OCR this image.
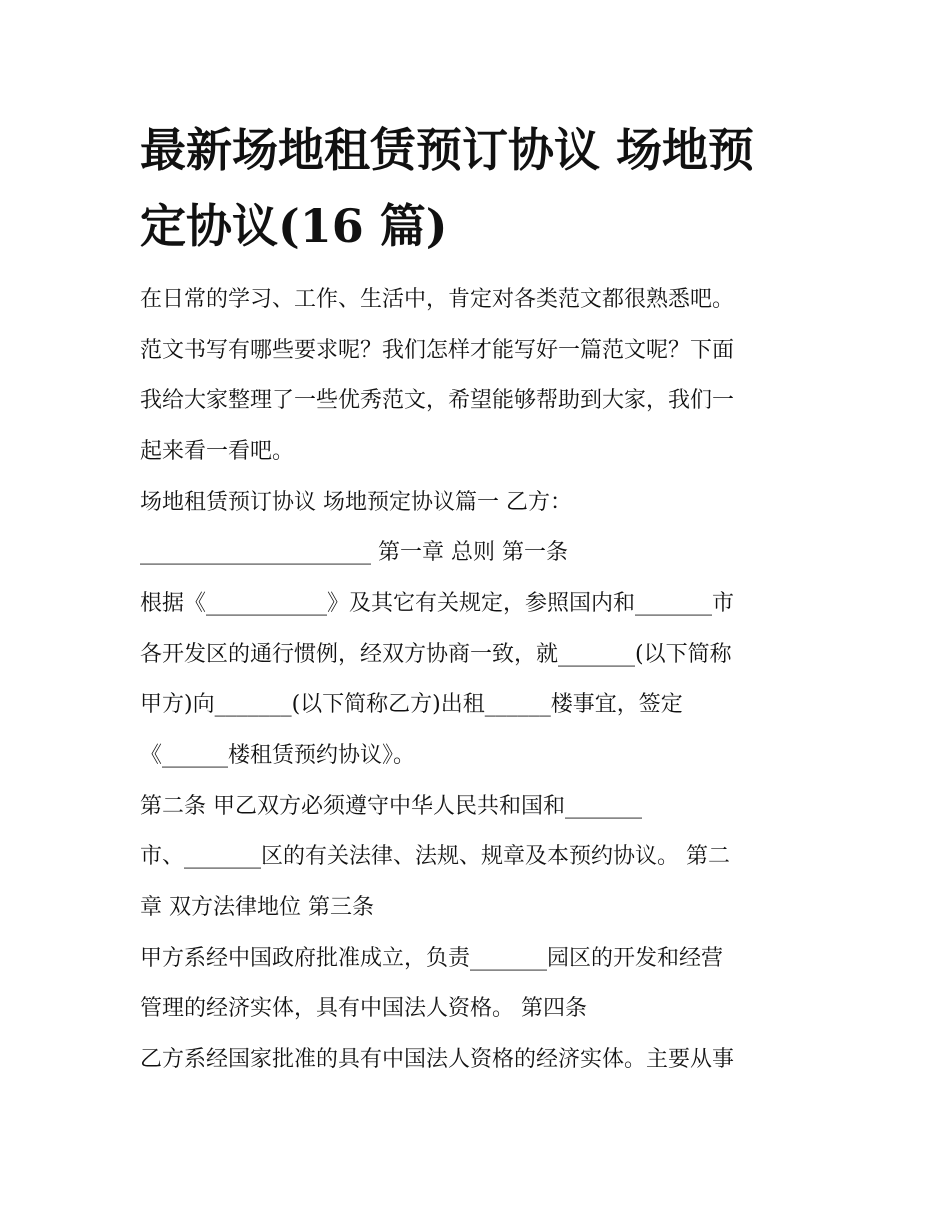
最新场地租赁预订协议 场地预
定协议(16 篇)

在日常的学习、工作、生活中，肯定对各类范文都很熟悉吧。

范文书写有哪些要求呢？我们怎样才能写好一篇范文呢？下面

我给大家整理了一些优秀范文，希望能够帮助到大家，我们一

起来看一看吧。

场地租赁预订协议 场地预定协议篇一 乙方：

_____________________ 第一章 总则 第一条

根据《___________》及其它有关规定，参照国内和_______市

各开发区的通行惯例，经双方协商一致，就_______(以下简称

甲方)向_______(以下简称乙方)出租______楼事宜，签定

《______楼租赁预约协议》。

第二条 甲乙双方必须遵守中华人民共和国和_______

市、_______区的有关法律、法规、规章及本预约协议。 第二

章 双方法律地位 第三条

甲方系经中国政府批准成立，负责_______园区的开发和经营

管理的经济实体，具有中国法人资格。 第四条

乙方系经国家批准的具有中国法人资格的经济实体。主要从事
